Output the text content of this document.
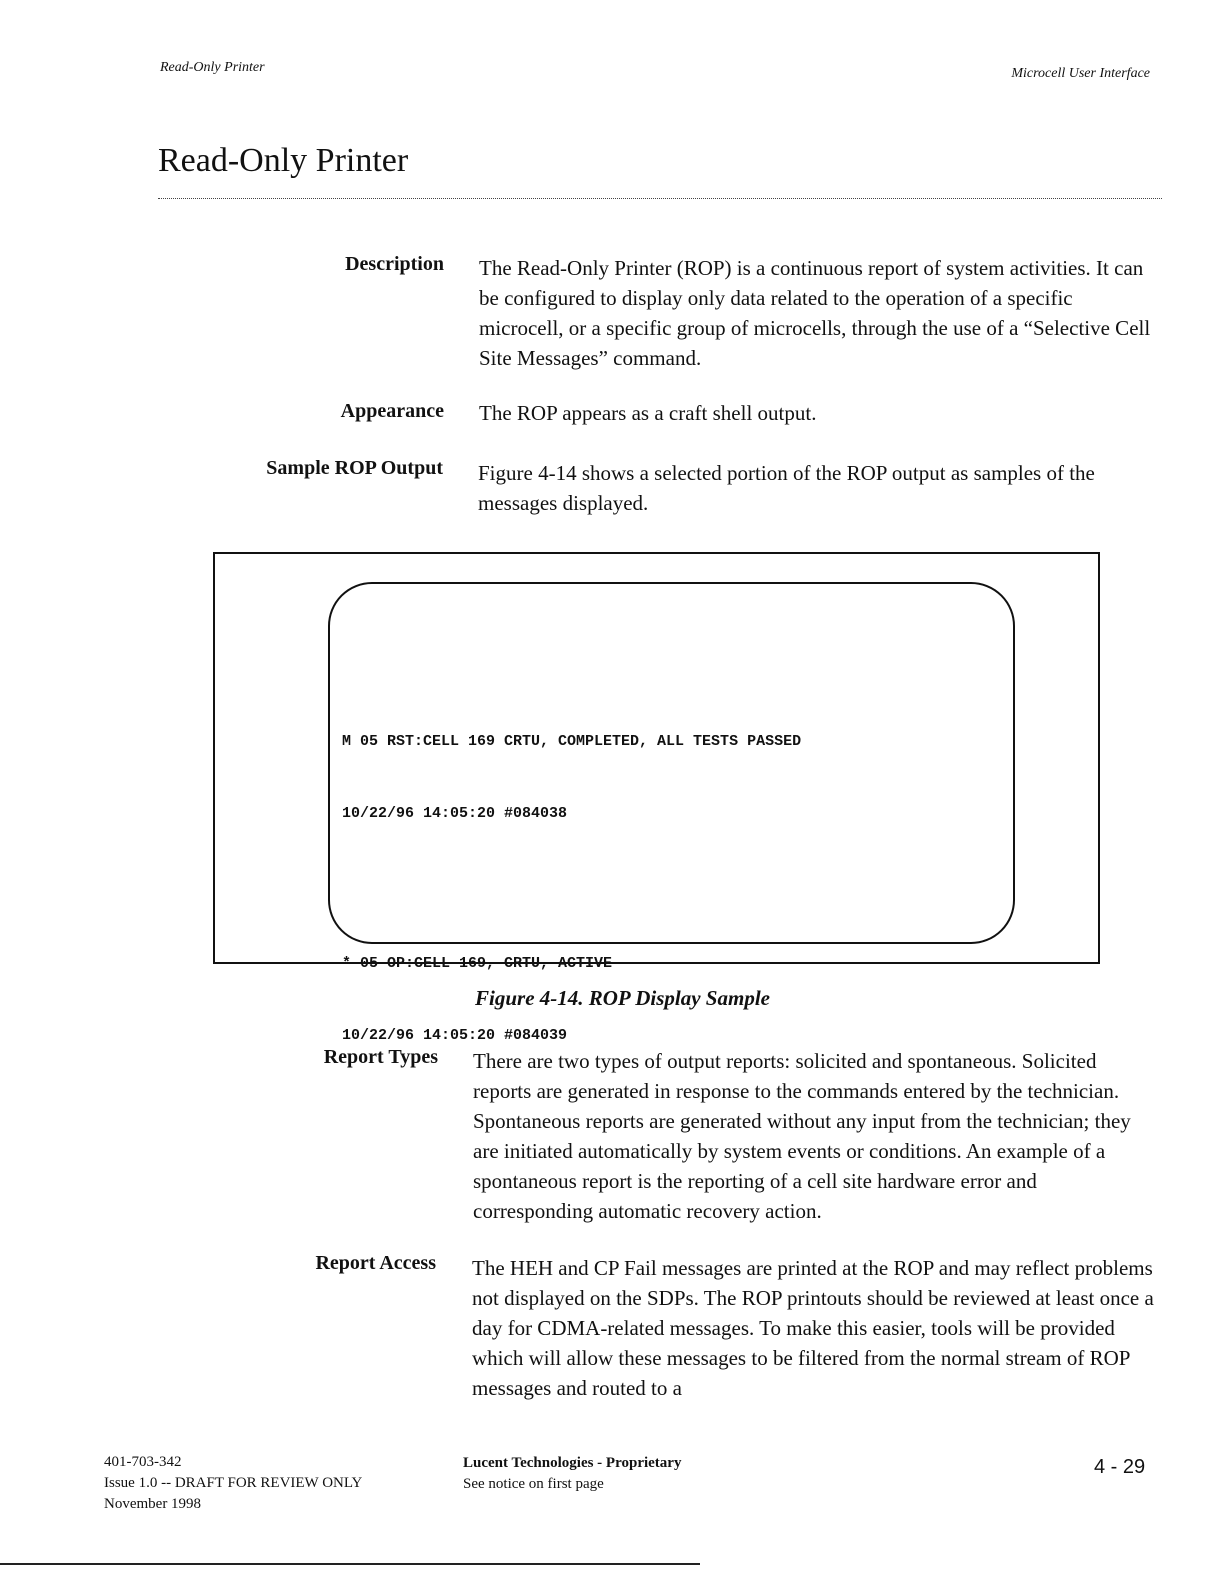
Read-Only Printer	Microcell User Interface
Read-Only Printer
Description The Read-Only Printer (ROP) is a continuous report of system activities. It can be configured to display only data related to the operation of a specific microcell, or a specific group of microcells, through the use of a “Selective Cell Site Messages” command.

Appearance The ROP appears as a craft shell output.

Sample ROP Output Figure 4-14 shows a selected portion of the ROP output as samples of the messages displayed.

M 05 RST:CELL 169 CRTU, COMPLETED, ALL TESTS PASSED

10/22/96 14:05:20 #084038

* 05 OP:CELL 169, CRTU, ACTIVE

10/22/96 14:05:20 #084039

Figure 4-14. ROP Display Sample
Report Types There are two types of output reports: solicited and spontaneous. Solicited reports are generated in response to the commands entered by the technician. Spontaneous reports are generated without any input from the technician; they are initiated automatically by system events or conditions. An example of a spontaneous report is the reporting of a cell site hardware error and corresponding automatic recovery action.

Report Access The HEH and CP Fail messages are printed at the ROP and may reflect problems not displayed on the SDPs. The ROP printouts should be reviewed at least once a day for CDMA-related messages. To make this easier, tools will be provided which will allow these messages to be filtered from the normal stream of ROP messages and routed to a

401-703-342
Issue 1.0 -- DRAFT FOR REVIEW ONLY
November 1998
Lucent Technologies - Proprietary
See notice on first page
4 - 29
